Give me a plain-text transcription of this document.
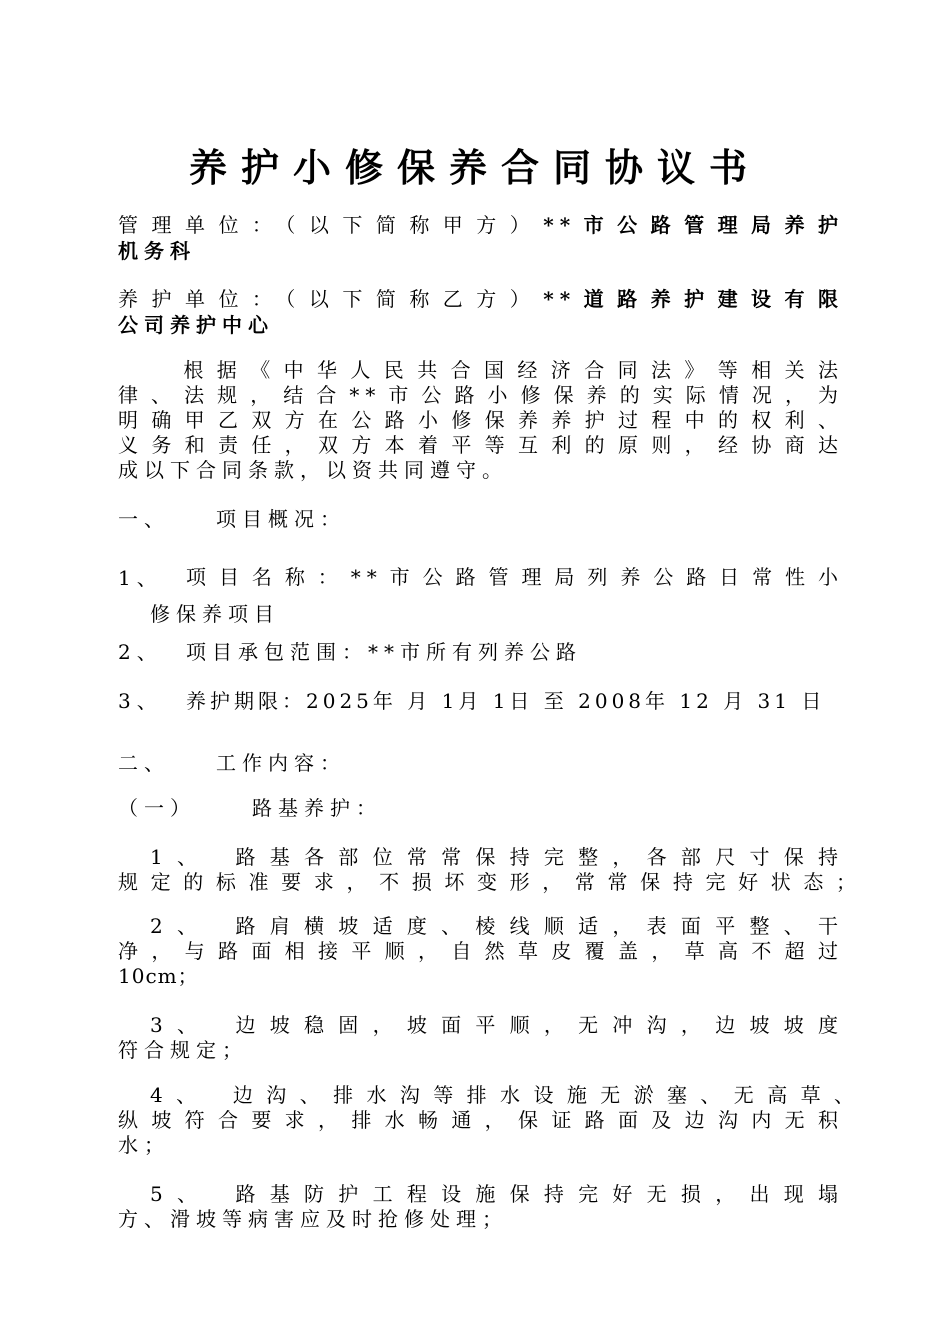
养护小修保养合同协议书
管理单位：（以下简称甲方）**市公路管理局养护
机务科
养护单位：（以下简称乙方）**道路养护建设有限
公司养护中心
　根据《中华人民共合国经济合同法》等相关法
律、法规，结合**市公路小修保养的实际情况，为
明确甲乙双方在公路小修保养养护过程中的权利、
义务和责任，双方本着平等互利的原则，经协商达
成以下合同条款，以资共同遵守。
一、 项目概况：
1、 项目名称：**市公路管理局列养公路日常性小
修保养项目
2、 项目承包范围：**市所有列养公路
3、 养护期限：2025年 月 1月 1日 至 2008年 12 月 31 日
二、 工作内容：
（一）	路基养护：
1、　路基各部位常常保持完整，各部尺寸保持
规定的标准要求，不损坏变形，常常保持完好状态；
2、　路肩横坡适度、棱线顺适，表面平整、干
净，与路面相接平顺，自然草皮覆盖，草高不超过
10cm；
3、　边坡稳固，坡面平顺，无冲沟，边坡坡度
符合规定；
4、　边沟、排水沟等排水设施无淤塞、无高草、
纵坡符合要求，排水畅通，保证路面及边沟内无积
水；
5、　路基防护工程设施保持完好无损，出现塌
方、滑坡等病害应及时抢修处理；
